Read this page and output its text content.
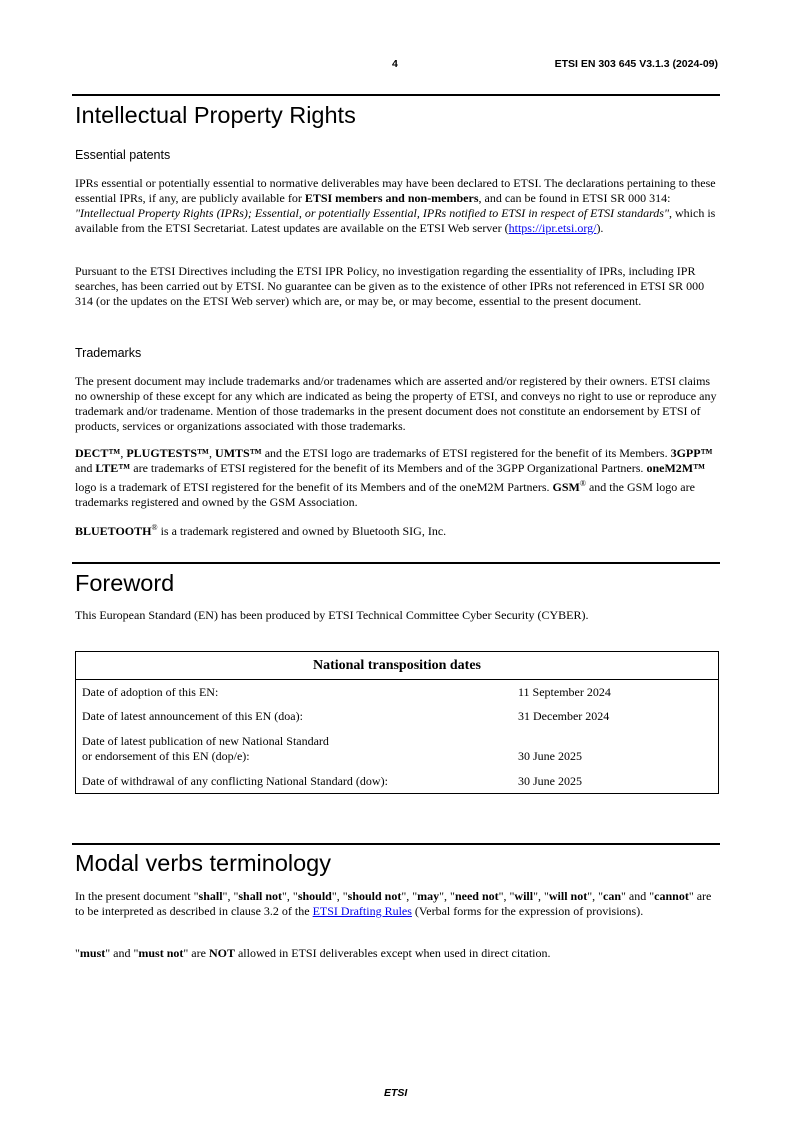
4	ETSI EN 303 645 V3.1.3 (2024-09)
Intellectual Property Rights
Essential patents
IPRs essential or potentially essential to normative deliverables may have been declared to ETSI. The declarations pertaining to these essential IPRs, if any, are publicly available for ETSI members and non-members, and can be found in ETSI SR 000 314: "Intellectual Property Rights (IPRs); Essential, or potentially Essential, IPRs notified to ETSI in respect of ETSI standards", which is available from the ETSI Secretariat. Latest updates are available on the ETSI Web server (https://ipr.etsi.org/).
Pursuant to the ETSI Directives including the ETSI IPR Policy, no investigation regarding the essentiality of IPRs, including IPR searches, has been carried out by ETSI. No guarantee can be given as to the existence of other IPRs not referenced in ETSI SR 000 314 (or the updates on the ETSI Web server) which are, or may be, or may become, essential to the present document.
Trademarks
The present document may include trademarks and/or tradenames which are asserted and/or registered by their owners. ETSI claims no ownership of these except for any which are indicated as being the property of ETSI, and conveys no right to use or reproduce any trademark and/or tradename. Mention of those trademarks in the present document does not constitute an endorsement by ETSI of products, services or organizations associated with those trademarks.
DECT™, PLUGTESTS™, UMTS™ and the ETSI logo are trademarks of ETSI registered for the benefit of its Members. 3GPP™ and LTE™ are trademarks of ETSI registered for the benefit of its Members and of the 3GPP Organizational Partners. oneM2M™ logo is a trademark of ETSI registered for the benefit of its Members and of the oneM2M Partners. GSM® and the GSM logo are trademarks registered and owned by the GSM Association.
BLUETOOTH® is a trademark registered and owned by Bluetooth SIG, Inc.
Foreword
This European Standard (EN) has been produced by ETSI Technical Committee Cyber Security (CYBER).
National transposition dates	
Date of adoption of this EN:	11 September 2024
Date of latest announcement of this EN (doa):	31 December 2024
Date of latest publication of new National Standard
or endorsement of this EN (dop/e):	30 June 2025
Date of withdrawal of any conflicting National Standard (dow):	30 June 2025
Modal verbs terminology
In the present document "shall", "shall not", "should", "should not", "may", "need not", "will", "will not", "can" and "cannot" are to be interpreted as described in clause 3.2 of the ETSI Drafting Rules (Verbal forms for the expression of provisions).
"must" and "must not" are NOT allowed in ETSI deliverables except when used in direct citation.
ETSI
